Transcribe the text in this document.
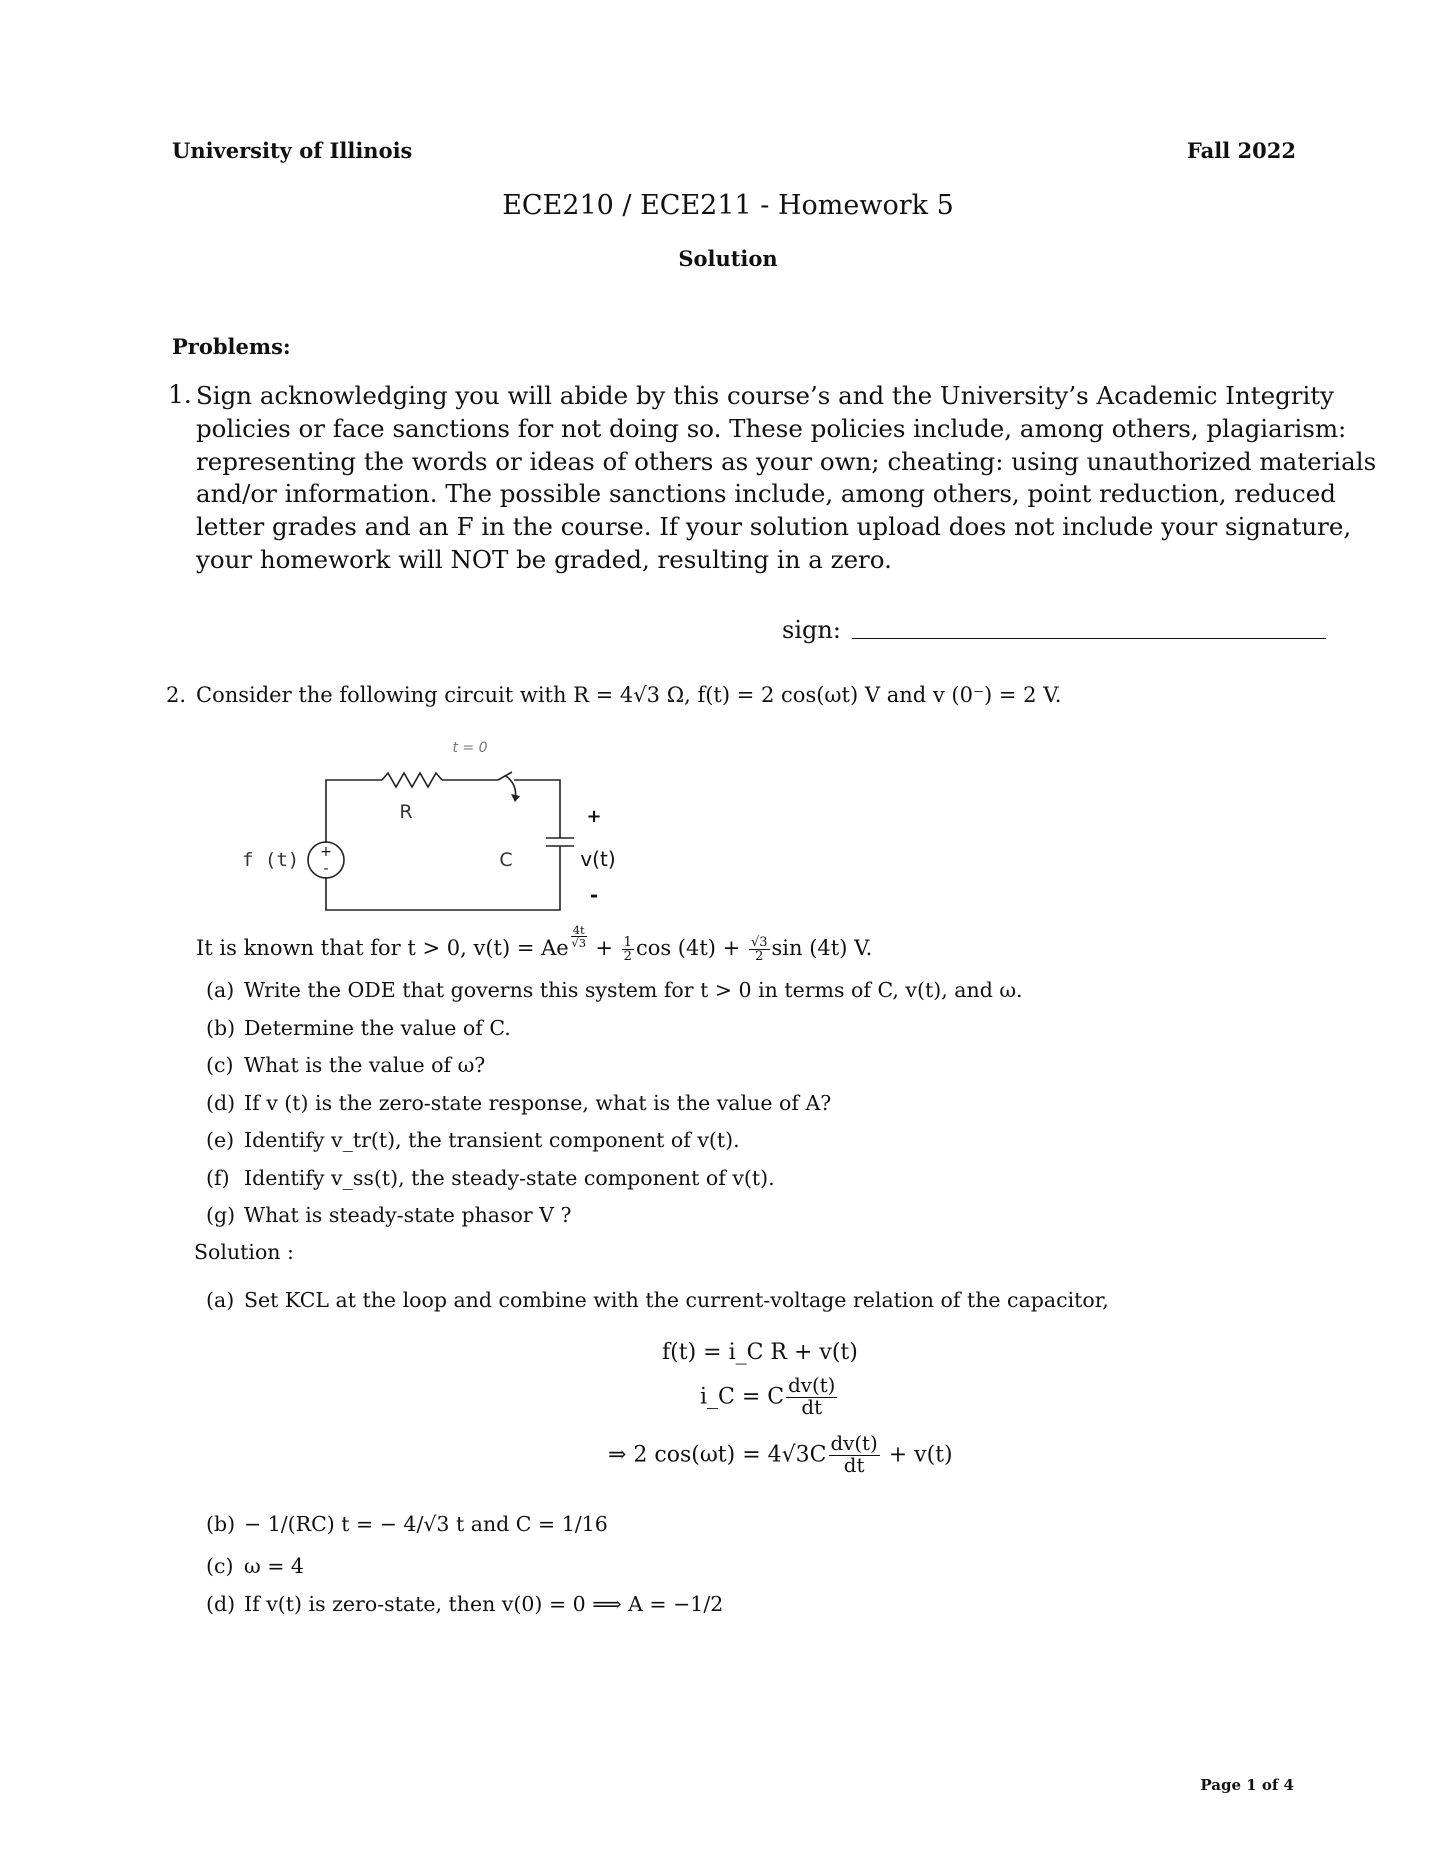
University of Illinois	Fall 2022
ECE210 / ECE211 - Homework 5
Solution
Problems:
1. Sign acknowledging you will abide by this course’s and the University’s Academic Integrity
policies or face sanctions for not doing so. These policies include, among others, plagiarism:
representing the words or ideas of others as your own; cheating: using unauthorized materials
and/or information. The possible sanctions include, among others, point reduction, reduced
letter grades and an F in the course. If your solution upload does not include your signature,
your homework will NOT be graded, resulting in a zero.
sign:
2. Consider the following circuit with R = 4√3 Ω, f(t) = 2 cos(ωt) V and v (0⁻) = 2 V.
+
-
t = 0
R
f (t)	C
+
v(t)
-
It is known that for t > 0, v(t) = Ae $\frac{4t}{√3} + \frac{1}{2}$ $\cos (4t) + \frac{√3}{2}$ sin (4t) V.
(a) Write the ODE that governs this system for t > 0 in terms of C, v(t), and ω.
(b) Determine the value of C.
(c) What is the value of ω?
(d) If v (t) is the zero-state response, what is the value of A?
(e) Identify v_tr(t), the transient component of v(t).
(f) Identify v_ss(t), the steady-state component of v(t).
(g) What is steady-state phasor V ?
Solution :
(a) Set KCL at the loop and combine with the current-voltage relation of the capacitor,
f(t) = i_C R + v(t)
i_C = C $\frac{dv(t)}{dt}$
⇒ 2 $\cos(\omega t) = 4√3C \frac{dv(t)}{dt} + v(t)$
(b) − 1/(RC) t = − 4/√3 t and C = 1/16
(c) ω = 4
(d) If v(t) is zero-state, then v(0) = 0 ⟹ A = −1/2
Page 1 of 4
